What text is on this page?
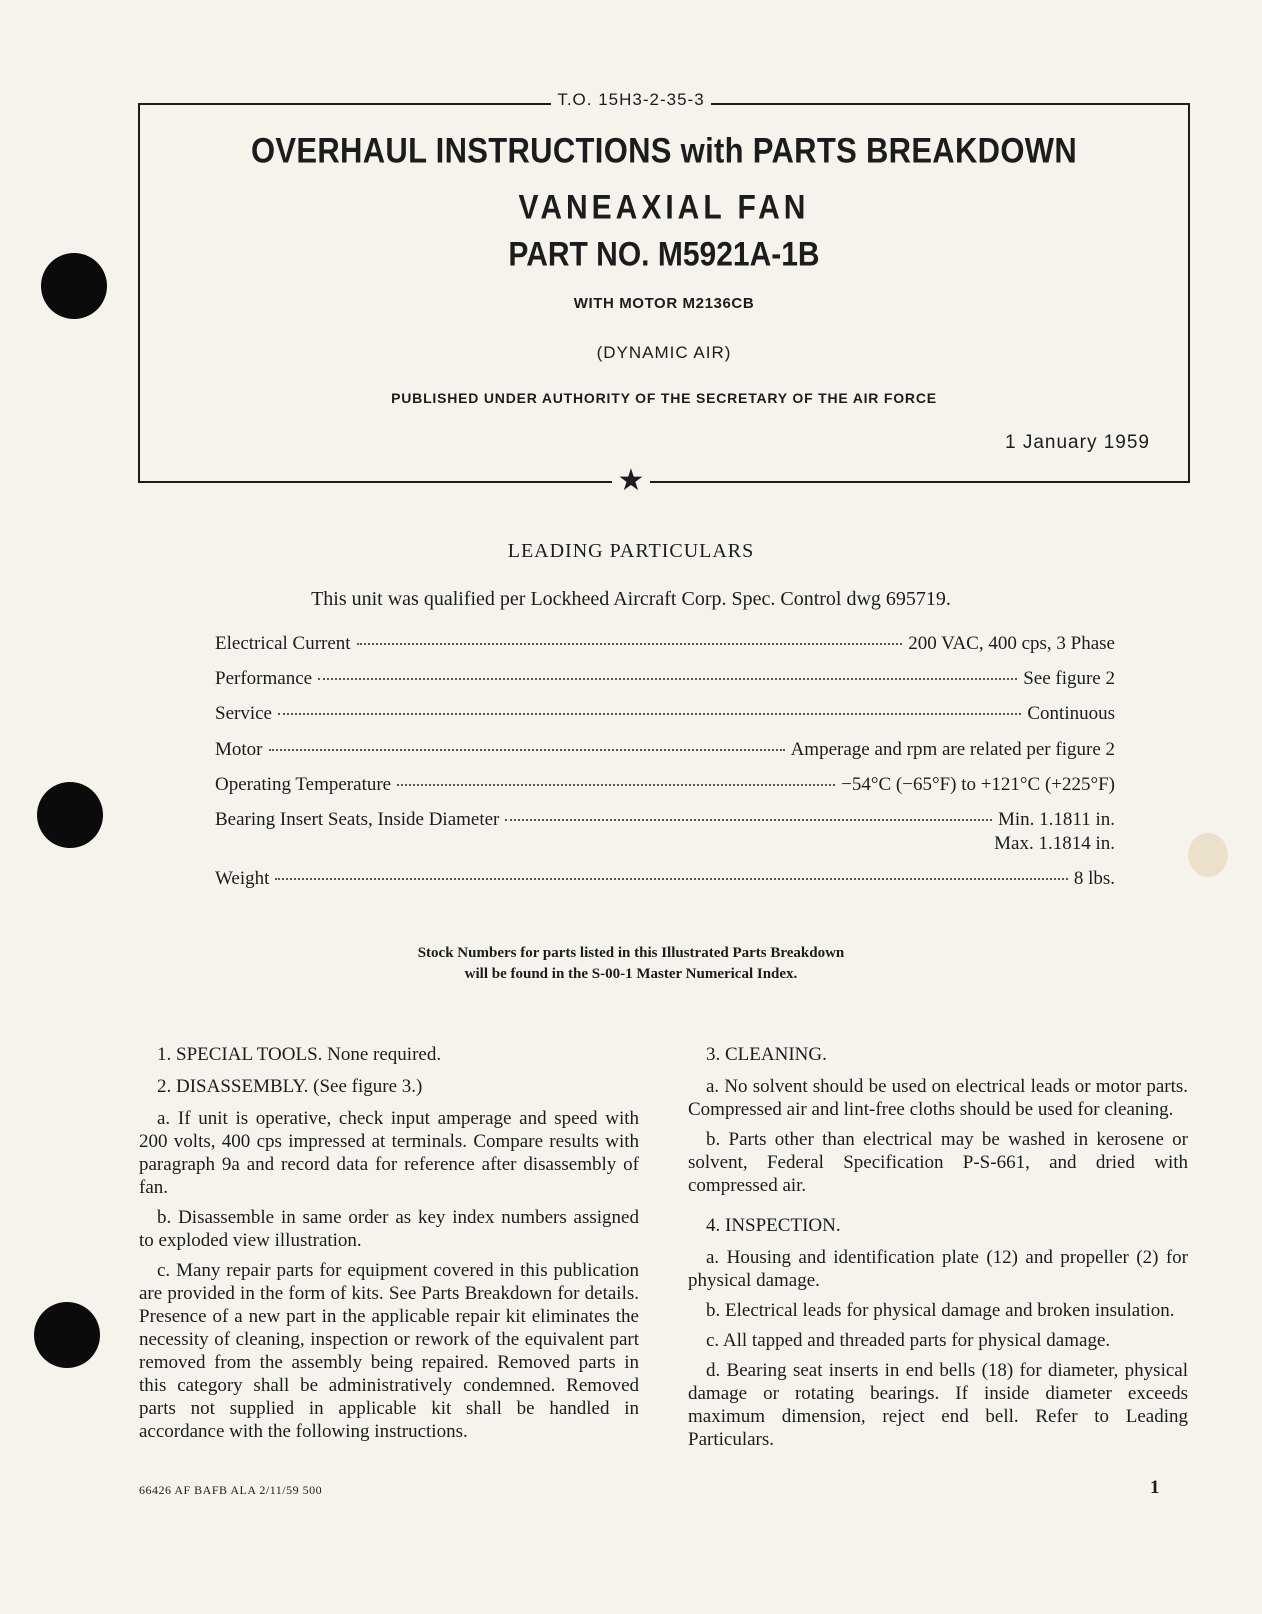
T.O. 15H3-2-35-3
OVERHAUL INSTRUCTIONS with PARTS BREAKDOWN
VANEAXIAL FAN
PART NO. M5921A-1B
WITH MOTOR M2136CB
(DYNAMIC AIR)
PUBLISHED UNDER AUTHORITY OF THE SECRETARY OF THE AIR FORCE
1 January 1959
★
LEADING PARTICULARS
This unit was qualified per Lockheed Aircraft Corp. Spec. Control dwg 695719.
Electrical Current	200 VAC, 400 cps, 3 Phase
Performance	See figure 2
Service	Continuous
Motor	Amperage and rpm are related per figure 2
Operating Temperature	−54°C (−65°F) to +121°C (+225°F)
Bearing Insert Seats, Inside Diameter	Min. 1.1811 in.
Max. 1.1814 in.
Weight	8 lbs.
Stock Numbers for parts listed in this Illustrated Parts Breakdown
will be found in the S-00-1 Master Numerical Index.

1. SPECIAL TOOLS. None required.

2. DISASSEMBLY. (See figure 3.)

a. If unit is operative, check input amperage and speed with 200 volts, 400 cps impressed at terminals. Compare results with paragraph 9a and record data for reference after disassembly of fan.

b. Disassemble in same order as key index numbers assigned to exploded view illustration.

c. Many repair parts for equipment covered in this publication are provided in the form of kits. See Parts Breakdown for details. Presence of a new part in the applicable repair kit eliminates the necessity of cleaning, inspection or rework of the equivalent part removed from the assembly being repaired. Removed parts in this category shall be administratively condemned. Removed parts not supplied in applicable kit shall be handled in accordance with the following instructions.

3. CLEANING.

a. No solvent should be used on electrical leads or motor parts. Compressed air and lint-free cloths should be used for cleaning.

b. Parts other than electrical may be washed in kerosene or solvent, Federal Specification P-S-661, and dried with compressed air.

4. INSPECTION.

a. Housing and identification plate (12) and propeller (2) for physical damage.

b. Electrical leads for physical damage and broken insulation.

c. All tapped and threaded parts for physical damage.

d. Bearing seat inserts in end bells (18) for diameter, physical damage or rotating bearings. If inside diameter exceeds maximum dimension, reject end bell. Refer to Leading Particulars.

66426 AF BAFB ALA 2/11/59 500	1
